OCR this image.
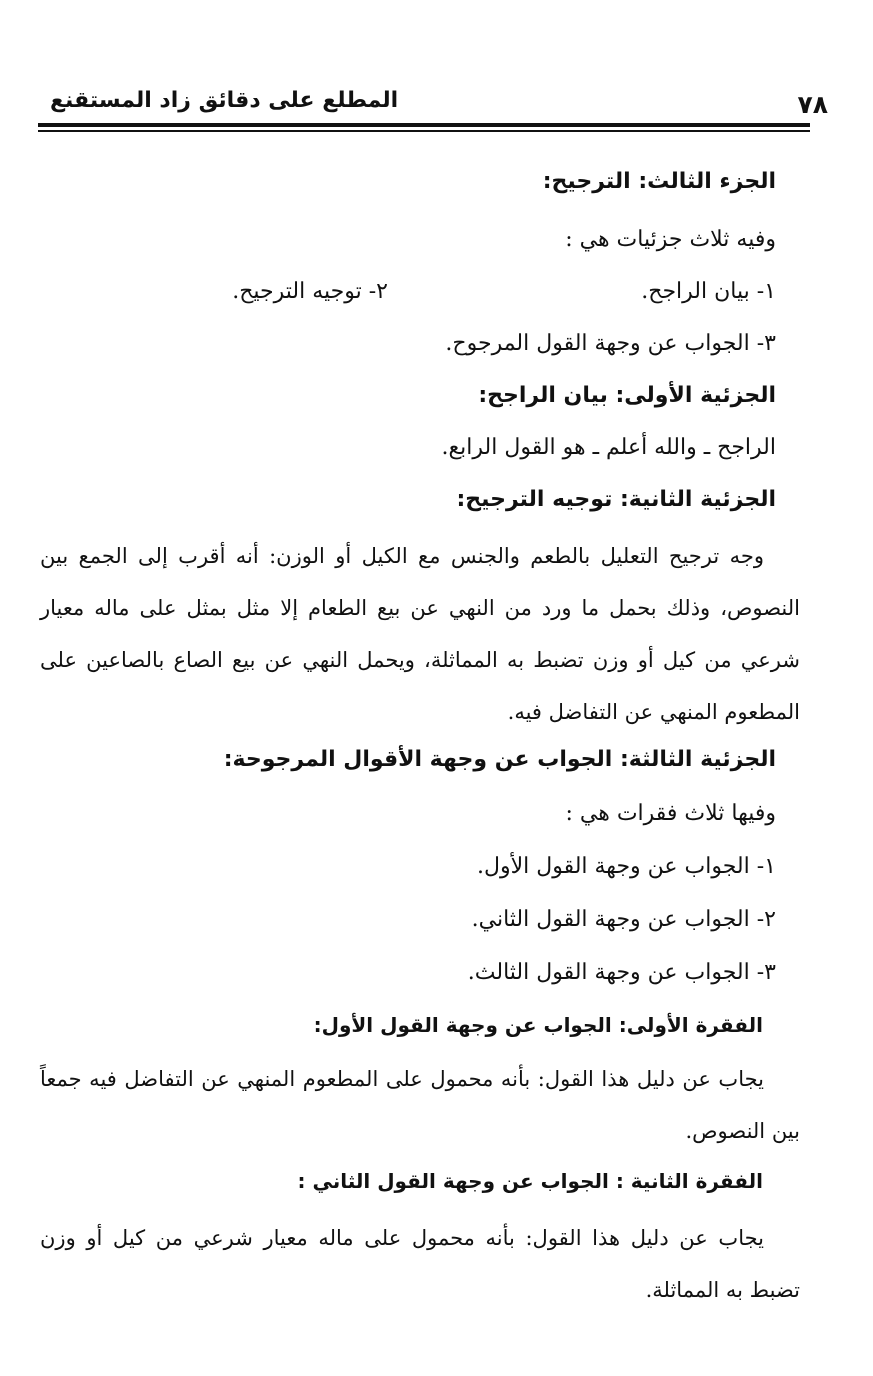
٧٨
المطلع على دقائق زاد المستقنع
الجزء الثالث: الترجيح:
وفيه ثلاث جزئيات هي :
١- بيان الراجح.
٢- توجيه الترجيح.
٣- الجواب عن وجهة القول المرجوح.
الجزئية الأولى: بيان الراجح:
الراجح ـ والله أعلم ـ هو القول الرابع.
الجزئية الثانية: توجيه الترجيح:
وجه ترجيح التعليل بالطعم والجنس مع الكيل أو الوزن: أنه أقرب إلى الجمع بين النصوص، وذلك بحمل ما ورد من النهي عن بيع الطعام إلا مثل بمثل على ماله معيار شرعي من كيل أو وزن تضبط به المماثلة، ويحمل النهي عن بيع الصاع بالصاعين على المطعوم المنهي عن التفاضل فيه.
الجزئية الثالثة: الجواب عن وجهة الأقوال المرجوحة:
وفيها ثلاث فقرات هي :
١- الجواب عن وجهة القول الأول.
٢- الجواب عن وجهة القول الثاني.
٣- الجواب عن وجهة القول الثالث.
الفقرة الأولى: الجواب عن وجهة القول الأول:
يجاب عن دليل هذا القول: بأنه محمول على المطعوم المنهي عن التفاضل فيه جمعاً بين النصوص.
الفقرة الثانية : الجواب عن وجهة القول الثاني :
يجاب عن دليل هذا القول: بأنه محمول على ماله معيار شرعي من كيل أو وزن تضبط به المماثلة.
